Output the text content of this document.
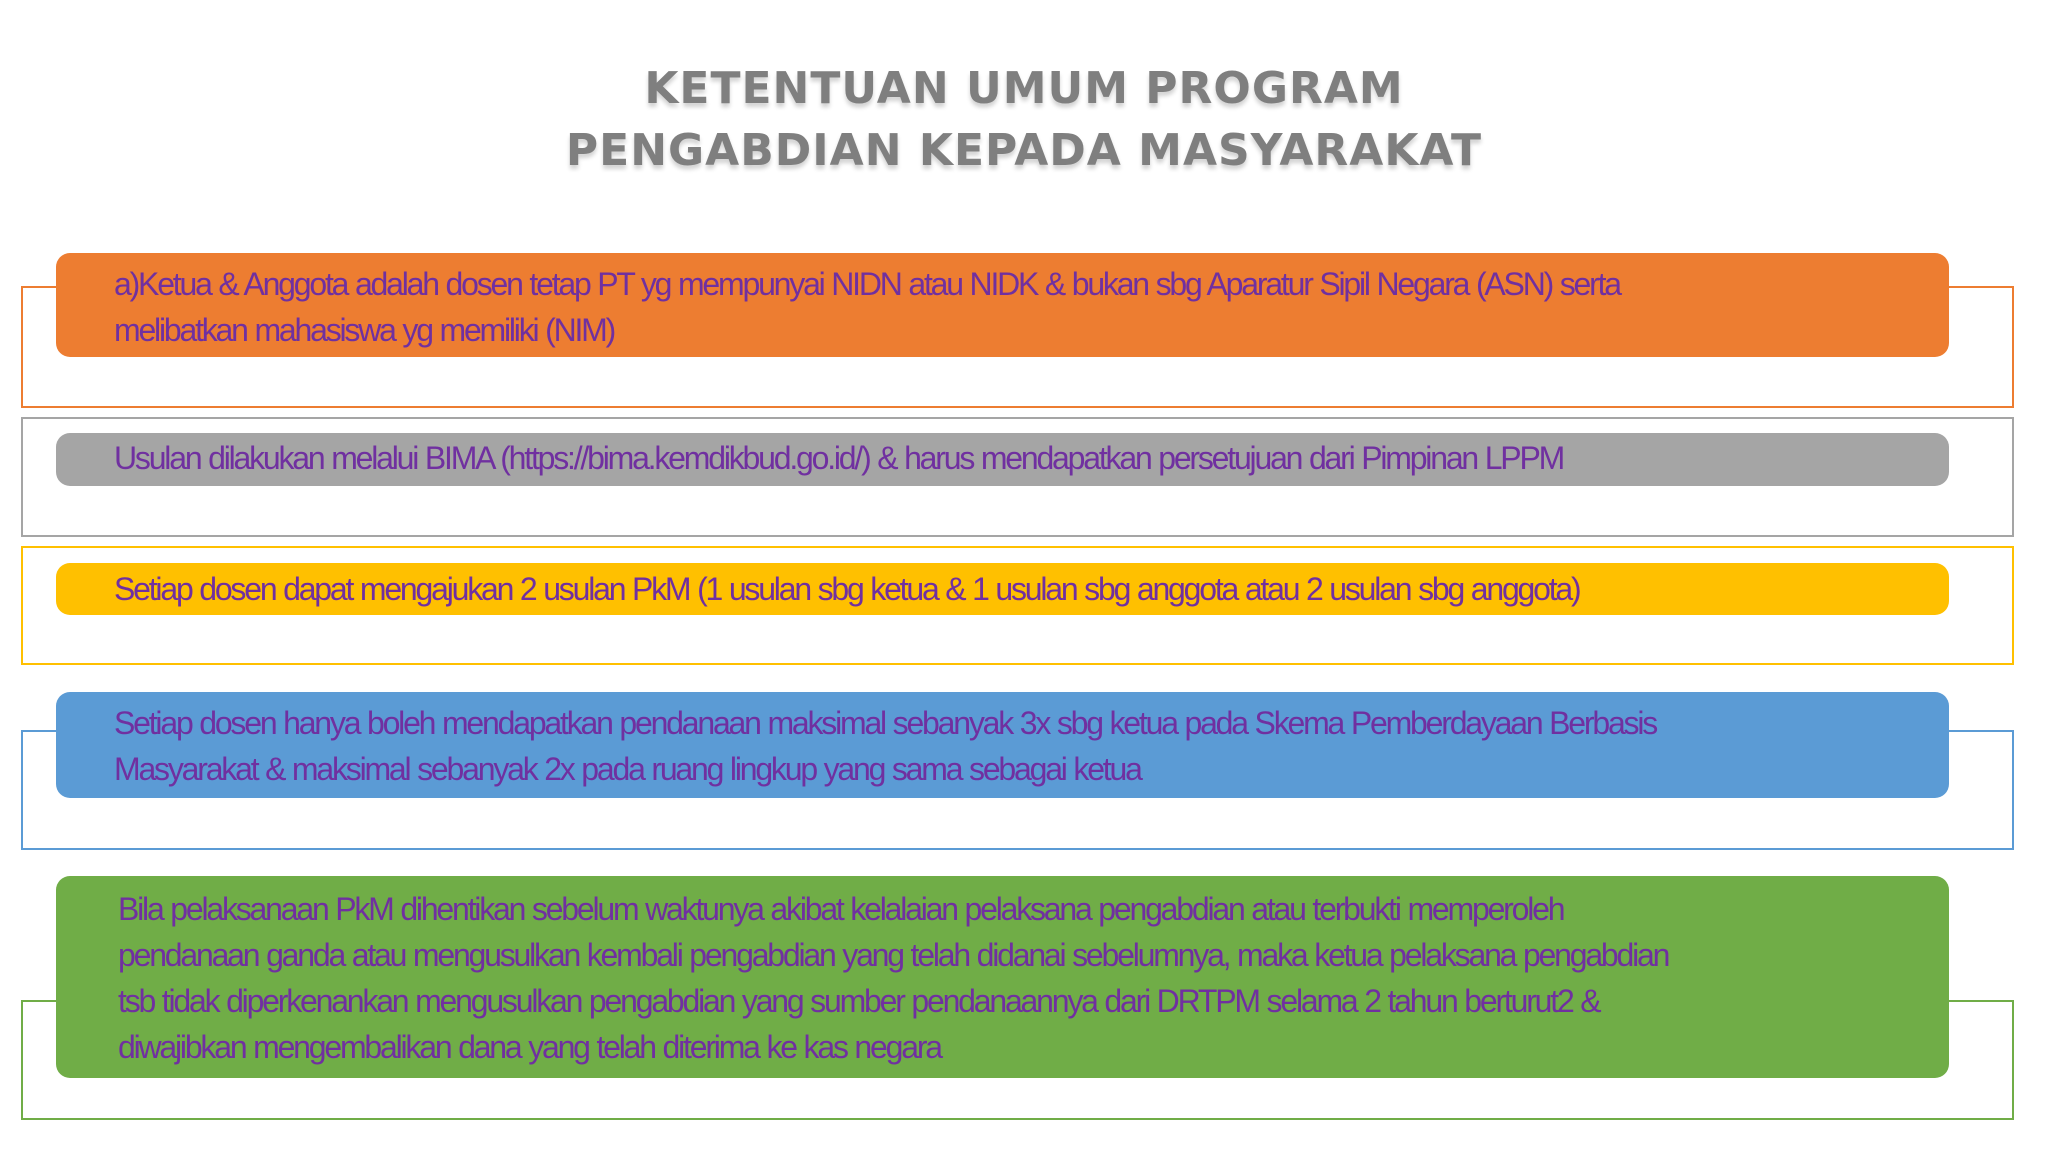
KETENTUAN UMUM PROGRAM
PENGABDIAN KEPADA MASYARAKAT
a)Ketua & Anggota adalah dosen tetap PT yg mempunyai NIDN atau NIDK & bukan sbg Aparatur Sipil Negara (ASN) serta
melibatkan mahasiswa yg memiliki (NIM)
Usulan dilakukan melalui BIMA (https://bima.kemdikbud.go.id/) & harus mendapatkan persetujuan dari Pimpinan LPPM
Setiap dosen dapat mengajukan 2 usulan PkM (1 usulan sbg ketua & 1 usulan sbg anggota atau 2 usulan sbg anggota)
Setiap dosen hanya boleh mendapatkan pendanaan maksimal sebanyak 3x sbg ketua pada Skema Pemberdayaan Berbasis
Masyarakat & maksimal sebanyak 2x pada ruang lingkup yang sama sebagai ketua
Bila pelaksanaan PkM dihentikan sebelum waktunya akibat kelalaian pelaksana pengabdian atau terbukti memperoleh
pendanaan ganda atau mengusulkan kembali pengabdian yang telah didanai sebelumnya, maka ketua pelaksana pengabdian
tsb tidak diperkenankan mengusulkan pengabdian yang sumber pendanaannya dari DRTPM selama 2 tahun berturut2 &
diwajibkan mengembalikan dana yang telah diterima ke kas negara
